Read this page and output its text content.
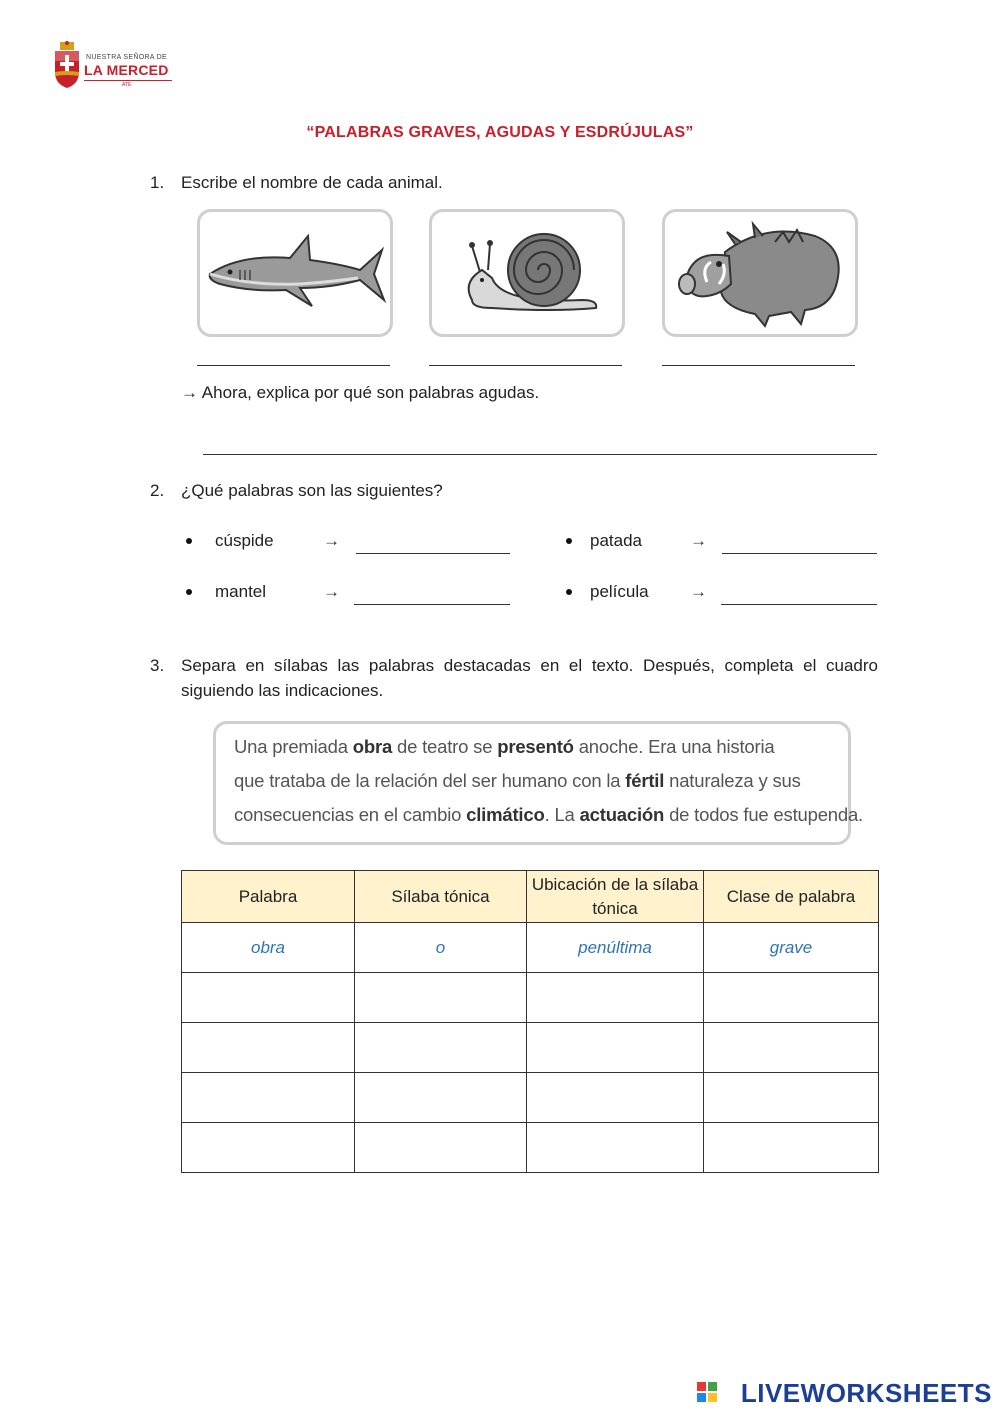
NUESTRA SEÑORA DE
LA MERCED
ATE
“PALABRAS GRAVES, AGUDAS Y ESDRÚJULAS”
1. Escribe el nombre de cada animal.
→ Ahora, explica por qué son palabras agudas.
2. ¿Qué palabras son las siguientes?
cúspide	→	patada	→
mantel	→	película →
3. Separa en sílabas las palabras destacadas en el texto. Después, completa el cuadro
siguiendo las indicaciones.
Una premiada obra de teatro se presentó anoche. Era una historia
que trataba de la relación del ser humano con la fértil naturaleza y sus
consecuencias en el cambio climático. La actuación de todos fue estupenda.
Palabra	Sílaba tónica	Ubicación de la sílaba tónica	Clase de palabra
obra	o	penúltima	grave

LIVEWORKSHEETS
